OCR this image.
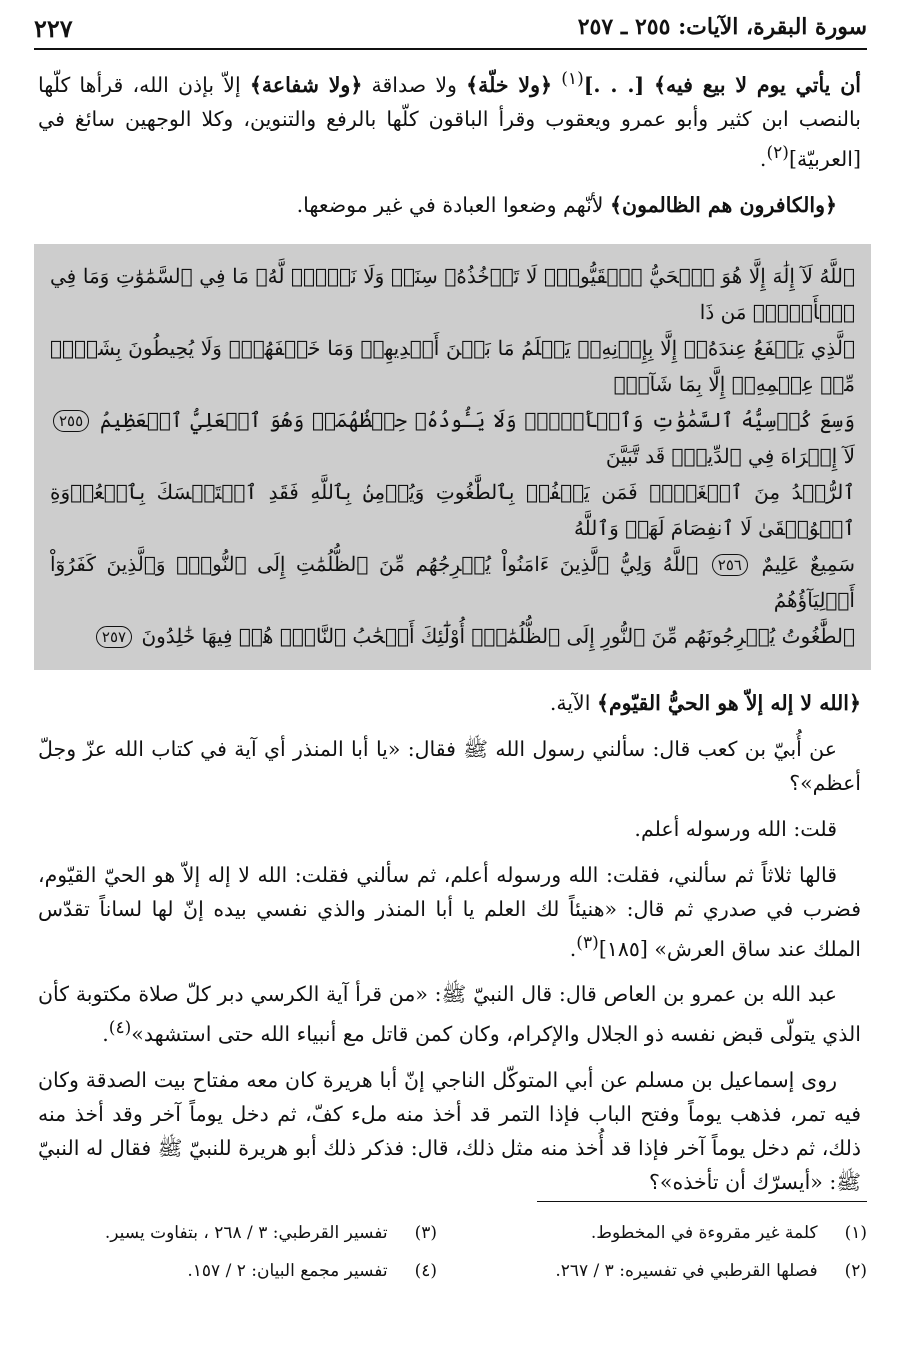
سورة البقرة، الآيات: ٢٥٥ ـ ٢٥٧
٢٢٧

أن يأتي يوم لا بيع فيه﴾ [. . .]$^{(١)}$ ﴿ولا خلّة﴾ ولا صداقة ﴿ولا شفاعة﴾ إلاّ بإذن الله، قرأها كلّها بالنصب ابن كثير وأبو عمرو ويعقوب وقرأ الباقون كلّها بالرفع والتنوين، وكلا الوجهين سائغ في [العربيّة]$^{(٢)}$.

﴿والكافرون هم الظالمون﴾ لأنّهم وضعوا العبادة في غير موضعها.

ٱللَّهُ لَآ إِلَٰهَ إِلَّا هُوَ ٱلۡحَيُّ ٱلۡقَيُّومُۚ لَا تَأۡخُذُهُۥ سِنَةٞ وَلَا نَوۡمٞۚ لَّهُۥ مَا فِي ٱلسَّمَٰوَٰتِ وَمَا فِي ٱلۡأَرۡضِۗ مَن ذَا
ٱلَّذِي يَشۡفَعُ عِندَهُۥٓ إِلَّا بِإِذۡنِهِۦۚ يَعۡلَمُ مَا بَيۡنَ أَيۡدِيهِمۡ وَمَا خَلۡفَهُمۡۖ وَلَا يُحِيطُونَ بِشَيۡءٖ مِّنۡ عِلۡمِهِۦٓ إِلَّا بِمَا شَآءَۚ
وَسِعَ كُرۡسِيُّهُ ٱلسَّمَٰوَٰتِ وَٱلۡأَرۡضَۖ وَلَا يَـُٔودُهُۥ حِفۡظُهُمَاۚ وَهُوَ ٱلۡعَلِيُّ ٱلۡعَظِيمُ ٢٥٥ لَآ إِكۡرَاهَ فِي ٱلدِّينِۖ قَد تَّبَيَّنَ
ٱلرُّشۡدُ مِنَ ٱلۡغَيِّۚ فَمَن يَكۡفُرۡ بِٱلطَّٰغُوتِ وَيُؤۡمِنۢ بِٱللَّهِ فَقَدِ ٱسۡتَمۡسَكَ بِٱلۡعُرۡوَةِ ٱلۡوُثۡقَىٰ لَا ٱنفِصَامَ لَهَاۗ وَٱللَّهُ
سَمِيعٌ عَلِيمٌ ٢٥٦ ٱللَّهُ وَلِيُّ ٱلَّذِينَ ءَامَنُواْ يُخۡرِجُهُم مِّنَ ٱلظُّلُمَٰتِ إِلَى ٱلنُّورِۖ وَٱلَّذِينَ كَفَرُوٓاْ أَوۡلِيَآؤُهُمُ
ٱلطَّٰغُوتُ يُخۡرِجُونَهُم مِّنَ ٱلنُّورِ إِلَى ٱلظُّلُمَٰتِۗ أُوْلَٰٓئِكَ أَصۡحَٰبُ ٱلنَّارِۖ هُمۡ فِيهَا خَٰلِدُونَ ٢٥٧

﴿الله لا إله إلاّ هو الحيُّ القيّوم﴾ الآية.

عن أُبيّ بن كعب قال: سألني رسول الله ﷺ فقال: «يا أبا المنذر أي آية في كتاب الله عزّ وجلّ أعظم»؟

قلت: الله ورسوله أعلم.

قالها ثلاثاً ثم سألني، فقلت: الله ورسوله أعلم، ثم سألني فقلت: الله لا إله إلاّ هو الحيّ القيّوم، فضرب في صدري ثم قال: «هنيئاً لك العلم يا أبا المنذر والذي نفسي بيده إنّ لها لساناً تقدّس الملك عند ساق العرش» [١٨٥]$^{(٣)}$.

عبد الله بن عمرو بن العاص قال: قال النبيّ ﷺ: «من قرأ آية الكرسي دبر كلّ صلاة مكتوبة كأن الذي يتولّى قبض نفسه ذو الجلال والإكرام، وكان كمن قاتل مع أنبياء الله حتى استشهد»$^{(٤)}$.

روى إسماعيل بن مسلم عن أبي المتوكّل الناجي إنّ أبا هريرة كان معه مفتاح بيت الصدقة وكان فيه تمر، فذهب يوماً وفتح الباب فإذا التمر قد أخذ منه ملء كفّ، ثم دخل يوماً آخر وقد أخذ منه ذلك، ثم دخل يوماً آخر فإذا قد أُخذ منه مثل ذلك، قال: فذكر ذلك أبو هريرة للنبيّ ﷺ فقال له النبيّ ﷺ: «أيسرّك أن تأخذه»؟

(١) كلمة غير مقروءة في المخطوط.
(٢) فصلها القرطبي في تفسيره: ٣ / ٢٦٧.
(٣) تفسير القرطبي: ٣ / ٢٦٨ ، بتفاوت يسير.
(٤) تفسير مجمع البيان: ٢ / ١٥٧.
